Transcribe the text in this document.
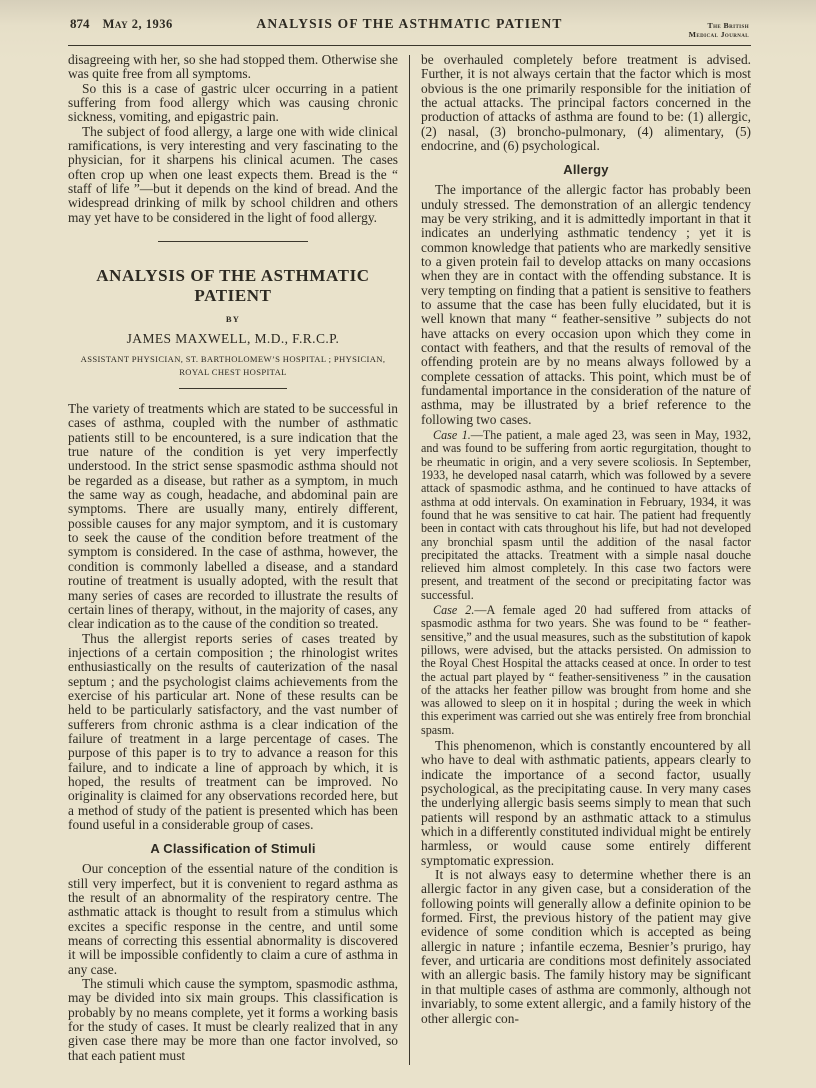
874 May 2, 1936	ANALYSIS OF THE ASTHMATIC PATIENT	The British
Medical Journal

disagreeing with her, so she had stopped them. Otherwise she was quite free from all symptoms.

So this is a case of gastric ulcer occurring in a patient suffering from food allergy which was causing chronic sickness, vomiting, and epigastric pain.

The subject of food allergy, a large one with wide clinical ramifications, is very interesting and very fascinating to the physician, for it sharpens his clinical acumen. The cases often crop up when one least expects them. Bread is the “ staff of life ”—but it depends on the kind of bread. And the widespread drinking of milk by school children and others may yet have to be considered in the light of food allergy.

ANALYSIS OF THE ASTHMATIC PATIENT
BY
JAMES MAXWELL, M.D., F.R.C.P.
ASSISTANT PHYSICIAN, ST. BARTHOLOMEW’S HOSPITAL ; PHYSICIAN,
ROYAL CHEST HOSPITAL

The variety of treatments which are stated to be successful in cases of asthma, coupled with the number of asthmatic patients still to be encountered, is a sure indication that the true nature of the condition is yet very imperfectly understood. In the strict sense spasmodic asthma should not be regarded as a disease, but rather as a symptom, in much the same way as cough, headache, and abdominal pain are symptoms. There are usually many, entirely different, possible causes for any major symptom, and it is customary to seek the cause of the condition before treatment of the symptom is considered. In the case of asthma, however, the condition is commonly labelled a disease, and a standard routine of treatment is usually adopted, with the result that many series of cases are recorded to illustrate the results of certain lines of therapy, without, in the majority of cases, any clear indication as to the cause of the condition so treated.

Thus the allergist reports series of cases treated by injections of a certain composition ; the rhinologist writes enthusiastically on the results of cauterization of the nasal septum ; and the psychologist claims achievements from the exercise of his particular art. None of these results can be held to be particularly satisfactory, and the vast number of sufferers from chronic asthma is a clear indication of the failure of treatment in a large percentage of cases. The purpose of this paper is to try to advance a reason for this failure, and to indicate a line of approach by which, it is hoped, the results of treatment can be improved. No originality is claimed for any observations recorded here, but a method of study of the patient is presented which has been found useful in a considerable group of cases.

A Classification of Stimuli

Our conception of the essential nature of the condition is still very imperfect, but it is convenient to regard asthma as the result of an abnormality of the respiratory centre. The asthmatic attack is thought to result from a stimulus which excites a specific response in the centre, and until some means of correcting this essential abnormality is discovered it will be impossible confidently to claim a cure of asthma in any case.

The stimuli which cause the symptom, spasmodic asthma, may be divided into six main groups. This classification is probably by no means complete, yet it forms a working basis for the study of cases. It must be clearly realized that in any given case there may be more than one factor involved, so that each patient must

be overhauled completely before treatment is advised. Further, it is not always certain that the factor which is most obvious is the one primarily responsible for the initiation of the actual attacks. The principal factors concerned in the production of attacks of asthma are found to be: (1) allergic, (2) nasal, (3) broncho-pulmonary, (4) alimentary, (5) endocrine, and (6) psychological.

Allergy

The importance of the allergic factor has probably been unduly stressed. The demonstration of an allergic tendency may be very striking, and it is admittedly important in that it indicates an underlying asthmatic tendency ; yet it is common knowledge that patients who are markedly sensitive to a given protein fail to develop attacks on many occasions when they are in contact with the offending substance. It is very tempting on finding that a patient is sensitive to feathers to assume that the case has been fully elucidated, but it is well known that many “ feather-sensitive ” subjects do not have attacks on every occasion upon which they come in contact with feathers, and that the results of removal of the offending protein are by no means always followed by a complete cessation of attacks. This point, which must be of fundamental importance in the consideration of the nature of asthma, may be illustrated by a brief reference to the following two cases.

Case 1.—The patient, a male aged 23, was seen in May, 1932, and was found to be suffering from aortic regurgitation, thought to be rheumatic in origin, and a very severe scoliosis. In September, 1933, he developed nasal catarrh, which was followed by a severe attack of spasmodic asthma, and he continued to have attacks of asthma at odd intervals. On examination in February, 1934, it was found that he was sensitive to cat hair. The patient had frequently been in contact with cats throughout his life, but had not developed any bronchial spasm until the addition of the nasal factor precipitated the attacks. Treatment with a simple nasal douche relieved him almost completely. In this case two factors were present, and treatment of the second or precipitating factor was successful.

Case 2.—A female aged 20 had suffered from attacks of spasmodic asthma for two years. She was found to be “ feather-sensitive,” and the usual measures, such as the substitution of kapok pillows, were advised, but the attacks persisted. On admission to the Royal Chest Hospital the attacks ceased at once. In order to test the actual part played by “ feather-sensitiveness ” in the causation of the attacks her feather pillow was brought from home and she was allowed to sleep on it in hospital ; during the week in which this experiment was carried out she was entirely free from bronchial spasm.

This phenomenon, which is constantly encountered by all who have to deal with asthmatic patients, appears clearly to indicate the importance of a second factor, usually psychological, as the precipitating cause. In very many cases the underlying allergic basis seems simply to mean that such patients will respond by an asthmatic attack to a stimulus which in a differently constituted individual might be entirely harmless, or would cause some entirely different symptomatic expression.

It is not always easy to determine whether there is an allergic factor in any given case, but a consideration of the following points will generally allow a definite opinion to be formed. First, the previous history of the patient may give evidence of some condition which is accepted as being allergic in nature ; infantile eczema, Besnier’s prurigo, hay fever, and urticaria are conditions most definitely associated with an allergic basis. The family history may be significant in that multiple cases of asthma are commonly, although not invariably, to some extent allergic, and a family history of the other allergic con-
